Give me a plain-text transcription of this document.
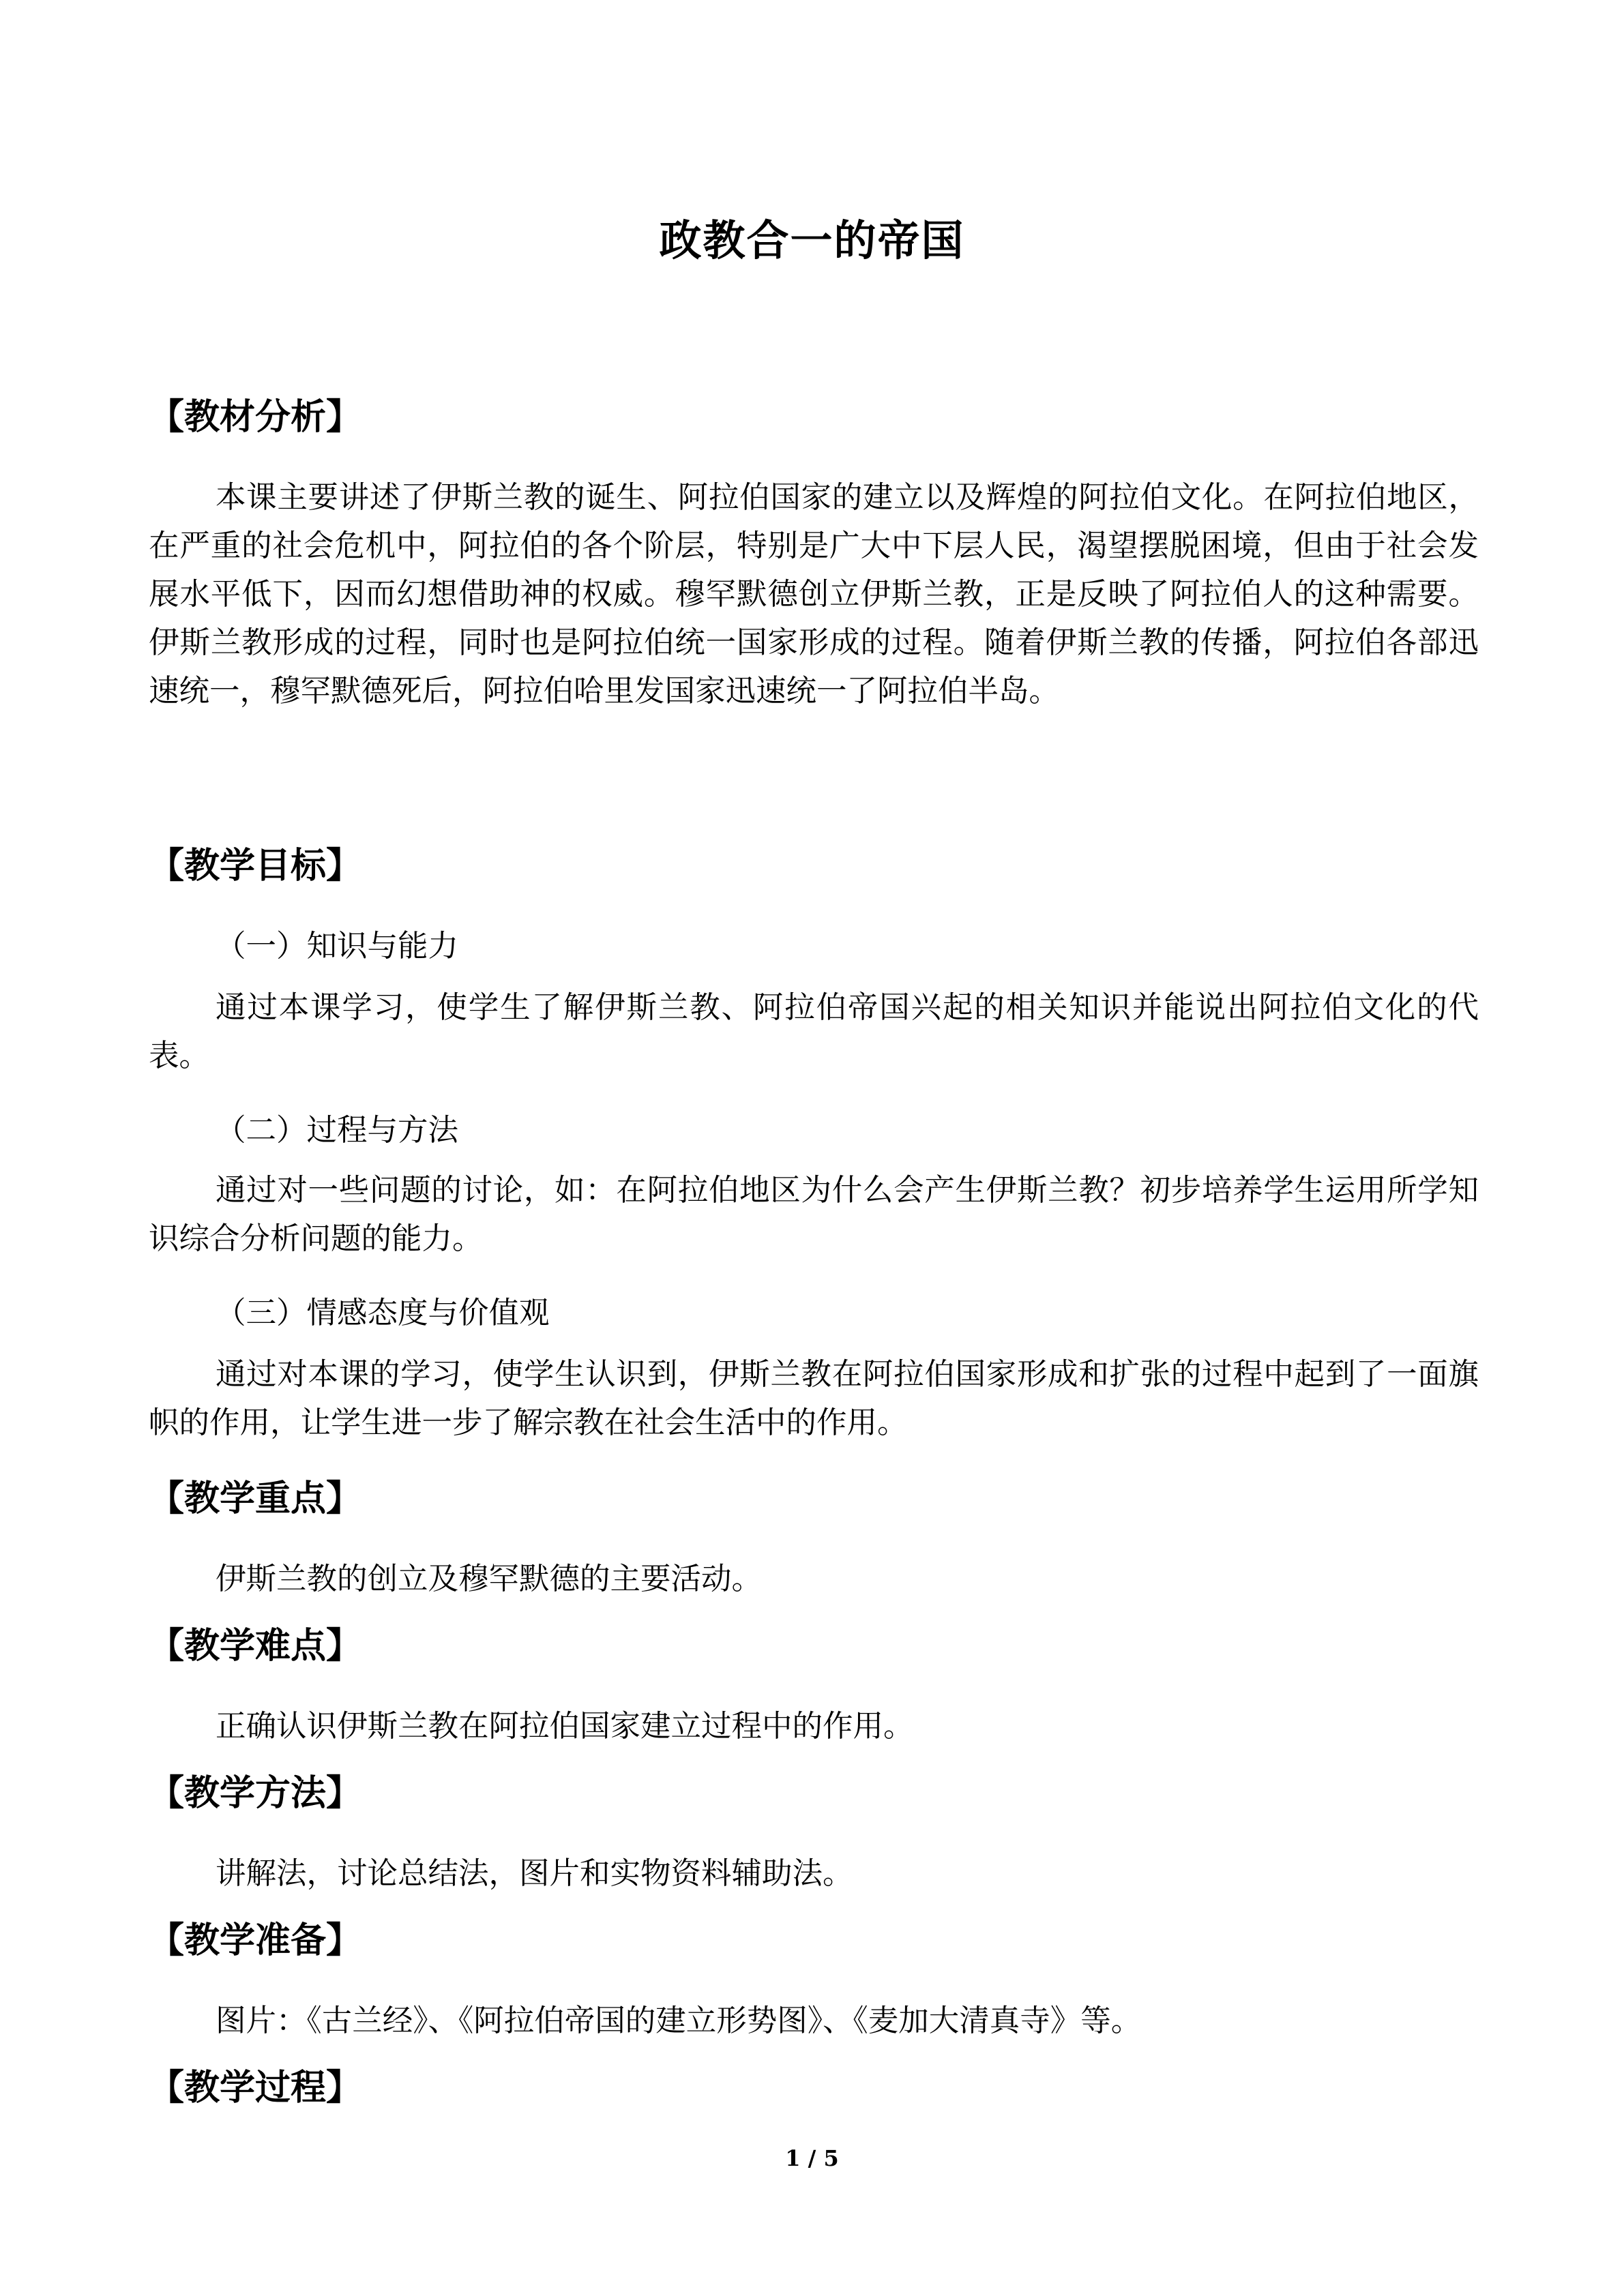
政教合一的帝国
【教材分析】

本课主要讲述了伊斯兰教的诞生、阿拉伯国家的建立以及辉煌的阿拉伯文化。在阿拉伯地区，在严重的社会危机中，阿拉伯的各个阶层，特别是广大中下层人民，渴望摆脱困境，但由于社会发展水平低下，因而幻想借助神的权威。穆罕默德创立伊斯兰教，正是反映了阿拉伯人的这种需要。伊斯兰教形成的过程，同时也是阿拉伯统一国家形成的过程。随着伊斯兰教的传播，阿拉伯各部迅速统一，穆罕默德死后，阿拉伯哈里发国家迅速统一了阿拉伯半岛。

【教学目标】
（一）知识与能力

通过本课学习，使学生了解伊斯兰教、阿拉伯帝国兴起的相关知识并能说出阿拉伯文化的代表。

（二）过程与方法

通过对一些问题的讨论，如：在阿拉伯地区为什么会产生伊斯兰教？初步培养学生运用所学知识综合分析问题的能力。

（三）情感态度与价值观

通过对本课的学习，使学生认识到，伊斯兰教在阿拉伯国家形成和扩张的过程中起到了一面旗帜的作用，让学生进一步了解宗教在社会生活中的作用。

【教学重点】

伊斯兰教的创立及穆罕默德的主要活动。

【教学难点】

正确认识伊斯兰教在阿拉伯国家建立过程中的作用。

【教学方法】

讲解法，讨论总结法，图片和实物资料辅助法。

【教学准备】

图片：《古兰经》、《阿拉伯帝国的建立形势图》、《麦加大清真寺》等。

【教学过程】
1 / 5
